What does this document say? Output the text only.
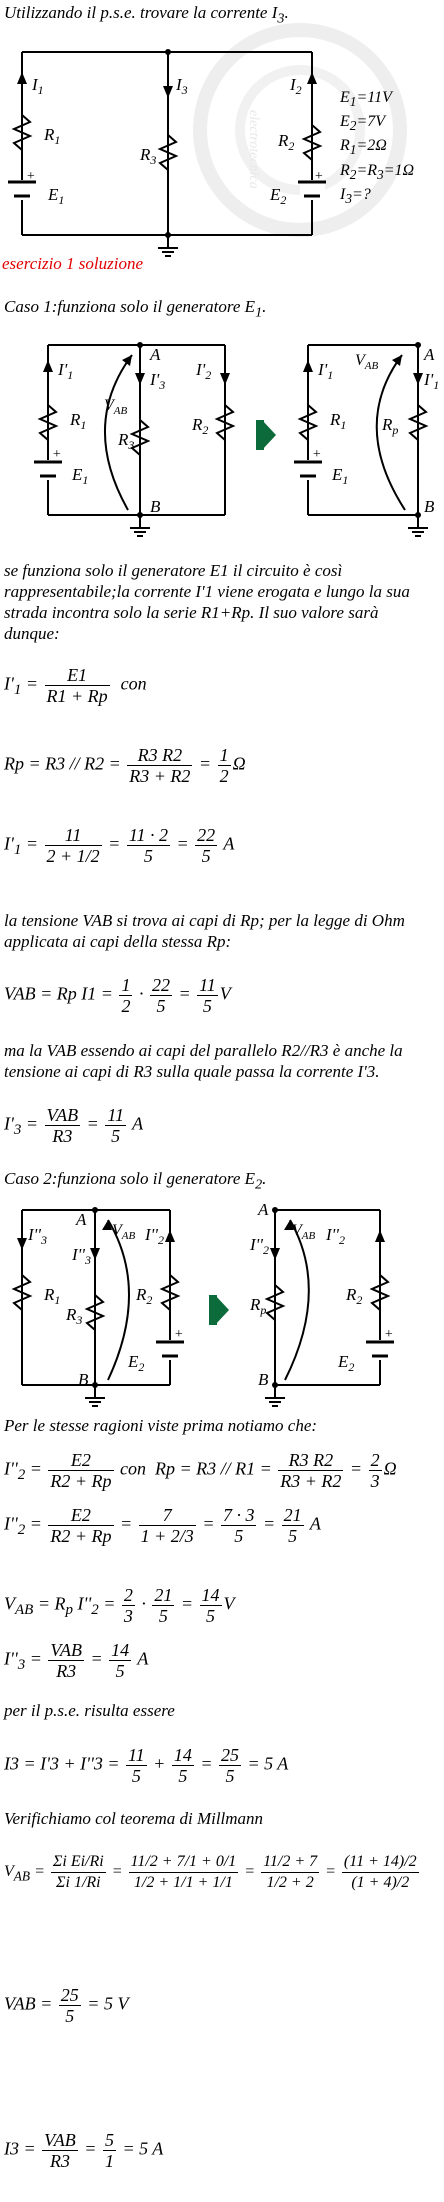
Utilizzando il p.s.e. trovare la corrente $I_3$.
electrotecnica
$I_1$
$R_1$
+
$E_1$
$I_3$
$R_3$
$I_2$
$R_2$
+
$E_2$
$E_1=11V$
$E_2=7V$
$R_1=2\Omega$
$R_2=R_3=1\Omega$
$I_3=$?
esercizio 1 soluzione
Caso 1:funziona solo il generatore $E_1$.
$I'_1$
$R_1$
+
$E_1$
$V_{AB}$
A
$I'_3$
$R_3$
$I'_2$
$R_2$
B
$I'_1$
$R_1$
+
$E_1$
$V_{AB}$
A
$I'_1$
$R_p$
B
se funziona solo il generatore E1 il circuito è così rappresentabile;la corrente I'1 viene erogata e lungo la sua strada incontra solo la serie R1+Rp. Il suo valore sarà dunque:
$I'_1 = \frac{E1}{R1 + Rp}$ con
$Rp = R3 // R2 = \frac{R3 R2}{R3 + R2} = \frac{1}{2}$ Ω
$I'_1 = \frac{11}{2 + 1/2} = \frac{11 \cdot 2}{5} = \frac{22}{5}$ A
la tensione VAB si trova ai capi di Rp; per la legge di Ohm applicata ai capi della stessa Rp:
VAB = Rp $I1 = \frac{1}{2} \cdot \frac{22}{5} = \frac{11}{5}$ V
ma la VAB essendo ai capi del parallelo R2//R3 è anche la tensione ai capi di R3 sulla quale passa la corrente I'3.
$I'_3 = \frac{\text{VAB}}{R3} = \frac{11}{5}$ A
Caso 2:funziona solo il generatore $E_2$.
$I''_3$
$R_1$
A
$I''_3$
$R_3$
$V_{AB}$ $I''_2$
$R_2$
+
$E_2$
B
A
$I''_2$
$R_p$
$V_{AB}$ $I''_2$
$R_2$
+
$E_2$
B
Per le stesse ragioni viste prima notiamo che:
$I''_2 = \frac{E2}{R2 + Rp}$ con $Rp = R3 // R1 = \frac{R3 R2}{R3 + R2} = \frac{2}{3}$ Ω
$I''_2 = \frac{E2}{R2 + Rp} = \frac{7}{1 + 2/3} = \frac{7 \cdot 3}{5} = \frac{21}{5}$ A
$V_{AB} = R_p$ $I''_2 = \frac{2}{3} \cdot \frac{21}{5} = \frac{14}{5}$ V
$I''_3 = \frac{\text{VAB}}{R3} = \frac{14}{5}$ A
per il p.s.e. risulta essere
$I3 = I'3 + I''3 = \frac{11}{5} + \frac{14}{5} = \frac{25}{5} = 5$ A
Verifichiamo col teorema di Millmann
$V_{AB} = \frac{\text{Σi Ei/Ri}}{\Sigma i 1/Ri} = \frac{11/2 + 7/1 + 0/1}{1/2 + 1/1 + 1/1} = \frac{11/2 + 7}{1/2 + 2} = \frac{(11 + 14)/2}{(1 + 4)/2}$
VAB = $\frac{25}{5} = 5$ V
$I3 = \frac{\text{VAB}}{R3} = \frac{5}{1} = 5$ A
